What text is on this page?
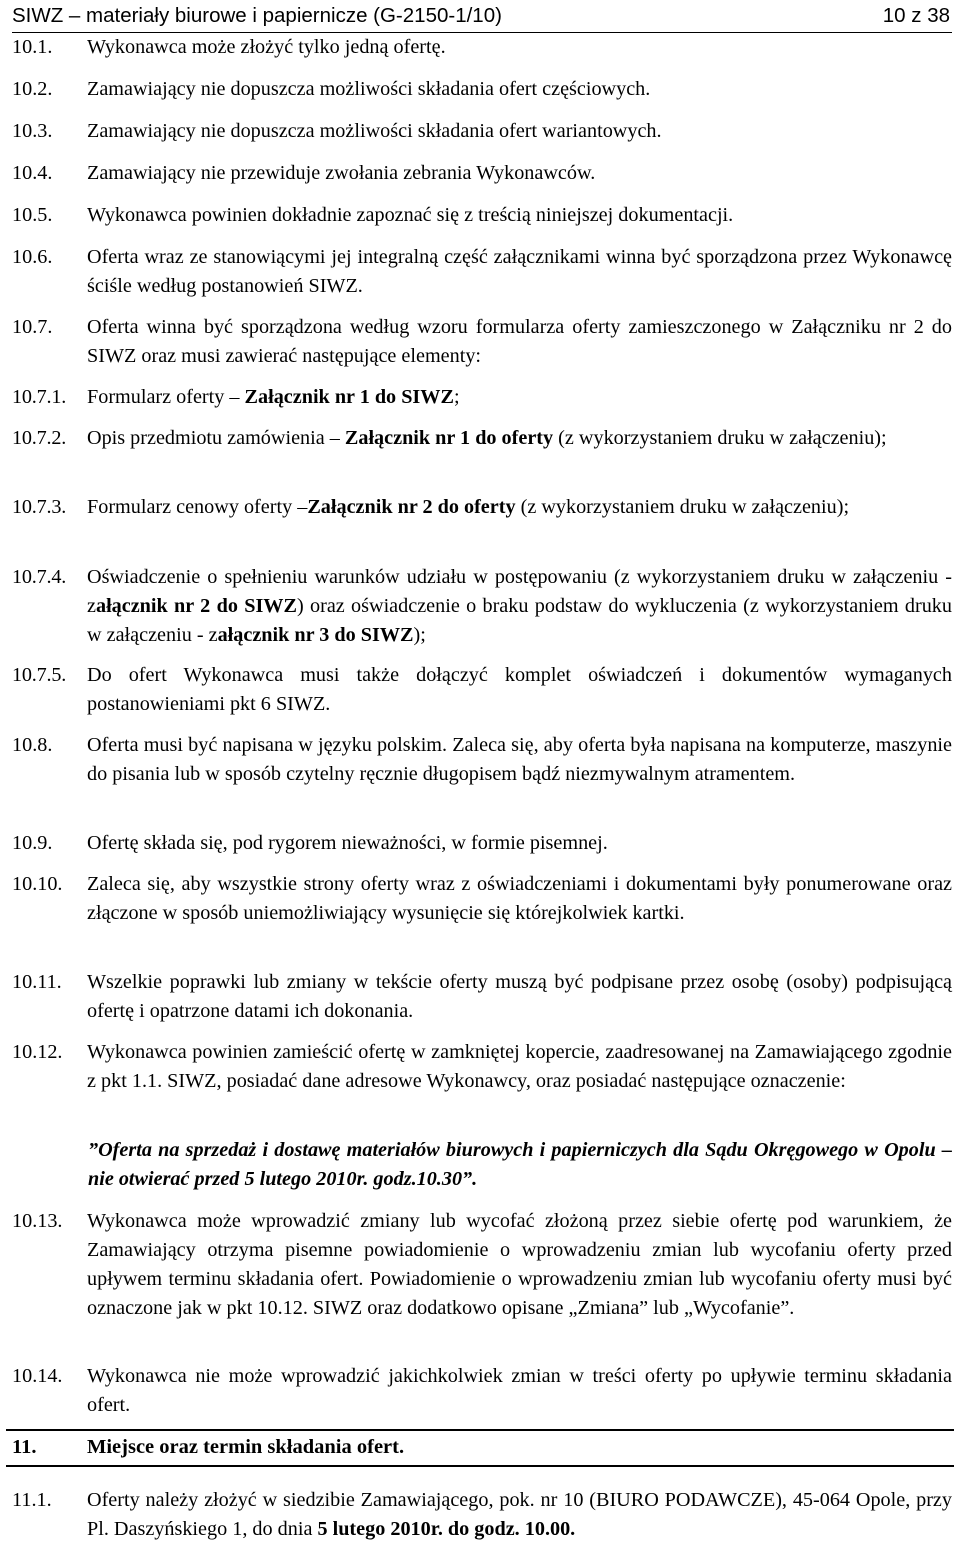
SIWZ – materiały biurowe i papiernicze (G-2150-1/10)	10 z 38
10.1. Wykonawca może złożyć tylko jedną ofertę.
10.2. Zamawiający nie dopuszcza możliwości składania ofert częściowych.
10.3. Zamawiający nie dopuszcza możliwości składania ofert wariantowych.
10.4. Zamawiający nie przewiduje zwołania zebrania Wykonawców.
10.5. Wykonawca powinien dokładnie zapoznać się z treścią niniejszej dokumentacji.
10.6. Oferta wraz ze stanowiącymi jej integralną część załącznikami winna być sporządzona przez Wykonawcę ściśle według postanowień SIWZ.
10.7. Oferta winna być sporządzona według wzoru formularza oferty zamieszczonego w Załączniku nr 2 do SIWZ oraz musi zawierać następujące elementy:
10.7.1. Formularz oferty – Załącznik nr 1 do SIWZ;
10.7.2. Opis przedmiotu zamówienia – Załącznik nr 1 do oferty (z wykorzystaniem druku w załączeniu);
10.7.3. Formularz cenowy oferty –Załącznik nr 2 do oferty (z wykorzystaniem druku w załączeniu);
10.7.4. Oświadczenie o spełnieniu warunków udziału w postępowaniu (z wykorzystaniem druku w załączeniu - załącznik nr 2 do SIWZ) oraz oświadczenie o braku podstaw do wykluczenia (z wykorzystaniem druku w załączeniu - załącznik nr 3 do SIWZ);
10.7.5. Do ofert Wykonawca musi także dołączyć komplet oświadczeń i dokumentów wymaganych postanowieniami pkt 6 SIWZ.
10.8. Oferta musi być napisana w języku polskim. Zaleca się, aby oferta była napisana na komputerze, maszynie do pisania lub w sposób czytelny ręcznie długopisem bądź niezmywalnym atramentem.
10.9. Ofertę składa się, pod rygorem nieważności, w formie pisemnej.
10.10. Zaleca się, aby wszystkie strony oferty wraz z oświadczeniami i dokumentami były ponumerowane oraz złączone w sposób uniemożliwiający wysunięcie się którejkolwiek kartki.
10.11. Wszelkie poprawki lub zmiany w tekście oferty muszą być podpisane przez osobę (osoby) podpisującą ofertę i opatrzone datami ich dokonania.
10.12. Wykonawca powinien zamieścić ofertę w zamkniętej kopercie, zaadresowanej na Zamawiającego zgodnie z pkt 1.1. SIWZ, posiadać dane adresowe Wykonawcy, oraz posiadać następujące oznaczenie:
”Oferta na sprzedaż i dostawę materiałów biurowych i papierniczych dla Sądu Okręgowego w Opolu – nie otwierać przed 5 lutego 2010r. godz.10.30”.
10.13. Wykonawca może wprowadzić zmiany lub wycofać złożoną przez siebie ofertę pod warunkiem, że Zamawiający otrzyma pisemne powiadomienie o wprowadzeniu zmian lub wycofaniu oferty przed upływem terminu składania ofert. Powiadomienie o wprowadzeniu zmian lub wycofaniu oferty musi być oznaczone jak w pkt 10.12. SIWZ oraz dodatkowo opisane „Zmiana” lub „Wycofanie”.
10.14. Wykonawca nie może wprowadzić jakichkolwiek zmian w treści oferty po upływie terminu składania ofert.
11. Miejsce oraz termin składania ofert.
11.1. Oferty należy złożyć w siedzibie Zamawiającego, pok. nr 10 (BIURO PODAWCZE), 45-064 Opole, przy Pl. Daszyńskiego 1, do dnia 5 lutego 2010r. do godz. 10.00.
